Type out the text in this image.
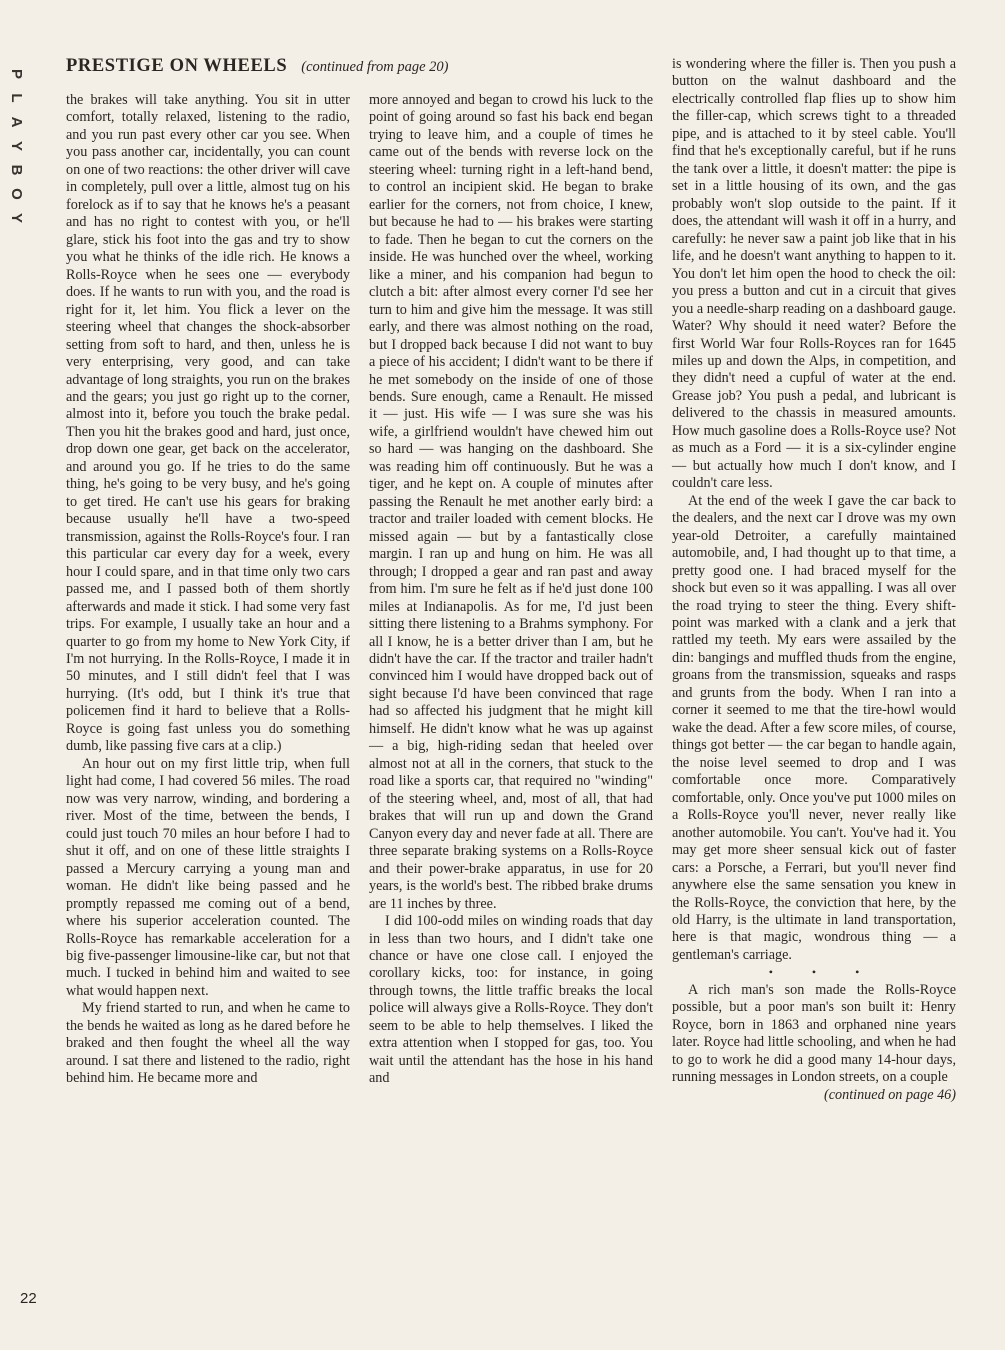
P
L
A
Y
B
O
Y
PRESTIGE ON WHEELS (continued from page 20)

the brakes will take anything. You sit in utter comfort, totally relaxed, listening to the radio, and you run past every other car you see. When you pass another car, incidentally, you can count on one of two reactions: the other driver will cave in completely, pull over a little, almost tug on his forelock as if to say that he knows he's a peasant and has no right to contest with you, or he'll glare, stick his foot into the gas and try to show you what he thinks of the idle rich. He knows a Rolls-Royce when he sees one — everybody does. If he wants to run with you, and the road is right for it, let him. You flick a lever on the steering wheel that changes the shock-absorber setting from soft to hard, and then, unless he is very enterprising, very good, and can take advantage of long straights, you run on the brakes and the gears; you just go right up to the corner, almost into it, before you touch the brake pedal. Then you hit the brakes good and hard, just once, drop down one gear, get back on the accelerator, and around you go. If he tries to do the same thing, he's going to be very busy, and he's going to get tired. He can't use his gears for braking because usually he'll have a two-speed transmission, against the Rolls-Royce's four. I ran this particular car every day for a week, every hour I could spare, and in that time only two cars passed me, and I passed both of them shortly afterwards and made it stick. I had some very fast trips. For example, I usually take an hour and a quarter to go from my home to New York City, if I'm not hurrying. In the Rolls-Royce, I made it in 50 minutes, and I still didn't feel that I was hurrying. (It's odd, but I think it's true that policemen find it hard to believe that a Rolls-Royce is going fast unless you do something dumb, like passing five cars at a clip.)

An hour out on my first little trip, when full light had come, I had covered 56 miles. The road now was very narrow, winding, and bordering a river. Most of the time, between the bends, I could just touch 70 miles an hour before I had to shut it off, and on one of these little straights I passed a Mercury carrying a young man and woman. He didn't like being passed and he promptly repassed me coming out of a bend, where his superior acceleration counted. The Rolls-Royce has remarkable acceleration for a big five-passenger limousine-like car, but not that much. I tucked in behind him and waited to see what would happen next.

My friend started to run, and when he came to the bends he waited as long as he dared before he braked and then fought the wheel all the way around. I sat there and listened to the radio, right behind him. He became more and

more annoyed and began to crowd his luck to the point of going around so fast his back end began trying to leave him, and a couple of times he came out of the bends with reverse lock on the steering wheel: turning right in a left-hand bend, to control an incipient skid. He began to brake earlier for the corners, not from choice, I knew, but because he had to — his brakes were starting to fade. Then he began to cut the corners on the inside. He was hunched over the wheel, working like a miner, and his companion had begun to clutch a bit: after almost every corner I'd see her turn to him and give him the message. It was still early, and there was almost nothing on the road, but I dropped back because I did not want to buy a piece of his accident; I didn't want to be there if he met somebody on the inside of one of those bends. Sure enough, came a Renault. He missed it — just. His wife — I was sure she was his wife, a girlfriend wouldn't have chewed him out so hard — was hanging on the dashboard. She was reading him off continuously. But he was a tiger, and he kept on. A couple of minutes after passing the Renault he met another early bird: a tractor and trailer loaded with cement blocks. He missed again — but by a fantastically close margin. I ran up and hung on him. He was all through; I dropped a gear and ran past and away from him. I'm sure he felt as if he'd just done 100 miles at Indianapolis. As for me, I'd just been sitting there listening to a Brahms symphony. For all I know, he is a better driver than I am, but he didn't have the car. If the tractor and trailer hadn't convinced him I would have dropped back out of sight because I'd have been convinced that rage had so affected his judgment that he might kill himself. He didn't know what he was up against — a big, high-riding sedan that heeled over almost not at all in the corners, that stuck to the road like a sports car, that required no "winding" of the steering wheel, and, most of all, that had brakes that will run up and down the Grand Canyon every day and never fade at all. There are three separate braking systems on a Rolls-Royce and their power-brake apparatus, in use for 20 years, is the world's best. The ribbed brake drums are 11 inches by three.

I did 100-odd miles on winding roads that day in less than two hours, and I didn't take one chance or have one close call. I enjoyed the corollary kicks, too: for instance, in going through towns, the little traffic breaks the local police will always give a Rolls-Royce. They don't seem to be able to help themselves. I liked the extra attention when I stopped for gas, too. You wait until the attendant has the hose in his hand and

is wondering where the filler is. Then you push a button on the walnut dashboard and the electrically controlled flap flies up to show him the filler-cap, which screws tight to a threaded pipe, and is attached to it by steel cable. You'll find that he's exceptionally careful, but if he runs the tank over a little, it doesn't matter: the pipe is set in a little housing of its own, and the gas probably won't slop outside to the paint. If it does, the attendant will wash it off in a hurry, and carefully: he never saw a paint job like that in his life, and he doesn't want anything to happen to it. You don't let him open the hood to check the oil: you press a button and cut in a circuit that gives you a needle-sharp reading on a dashboard gauge. Water? Why should it need water? Before the first World War four Rolls-Royces ran for 1645 miles up and down the Alps, in competition, and they didn't need a cupful of water at the end. Grease job? You push a pedal, and lubricant is delivered to the chassis in measured amounts. How much gasoline does a Rolls-Royce use? Not as much as a Ford — it is a six-cylinder engine — but actually how much I don't know, and I couldn't care less.

At the end of the week I gave the car back to the dealers, and the next car I drove was my own year-old Detroiter, a carefully maintained automobile, and, I had thought up to that time, a pretty good one. I had braced myself for the shock but even so it was appalling. I was all over the road trying to steer the thing. Every shift-point was marked with a clank and a jerk that rattled my teeth. My ears were assailed by the din: bangings and muffled thuds from the engine, groans from the transmission, squeaks and rasps and grunts from the body. When I ran into a corner it seemed to me that the tire-howl would wake the dead. After a few score miles, of course, things got better — the car began to handle again, the noise level seemed to drop and I was comfortable once more. Comparatively comfortable, only. Once you've put 1000 miles on a Rolls-Royce you'll never, never really like another automobile. You can't. You've had it. You may get more sheer sensual kick out of faster cars: a Porsche, a Ferrari, but you'll never find anywhere else the same sensation you knew in the Rolls-Royce, the conviction that here, by the old Harry, is the ultimate in land transportation, here is that magic, wondrous thing — a gentleman's carriage.

• • •

A rich man's son made the Rolls-Royce possible, but a poor man's son built it: Henry Royce, born in 1863 and orphaned nine years later. Royce had little schooling, and when he had to go to work he did a good many 14-hour days, running messages in London streets, on a couple

(continued on page 46)
22
